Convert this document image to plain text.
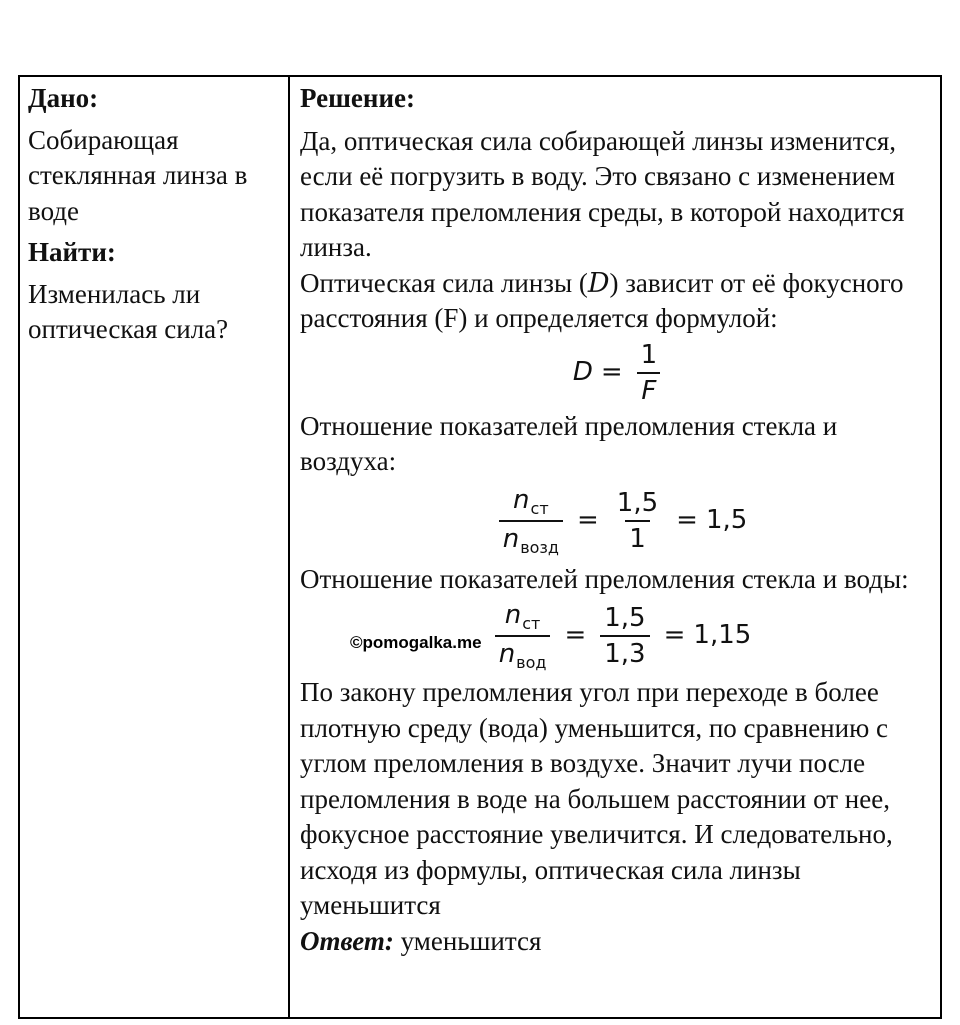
Дано:
Собирающая стеклянная линза в воде
Найти:
Изменилась ли оптическая сила?
Решение:
Да, оптическая сила собирающей линзы изменится, если её погрузить в воду. Это связано с изменением показателя преломления среды, в которой находится линза.
Оптическая сила линзы (D) зависит от её фокусного расстояния (F) и определяется формулой:
$D = \frac{1}{F}$
Отношение показателей преломления стекла и воздуха:
$\frac{n_{ст}}{n_{возд}} = \frac{1,5}{1} = 1,5$
Отношение показателей преломления стекла и воды:
©pomogalka.me $\frac{n_{ст}}{n_{вод}} = \frac{1,5}{1,3} = 1,15$
По закону преломления угол при переходе в более плотную среду (вода) уменьшится, по сравнению с углом преломления в воздухе. Значит лучи после преломления в воде на большем расстоянии от нее, фокусное расстояние увеличится. И следовательно, исходя из формулы, оптическая сила линзы уменьшится
Ответ: уменьшится
